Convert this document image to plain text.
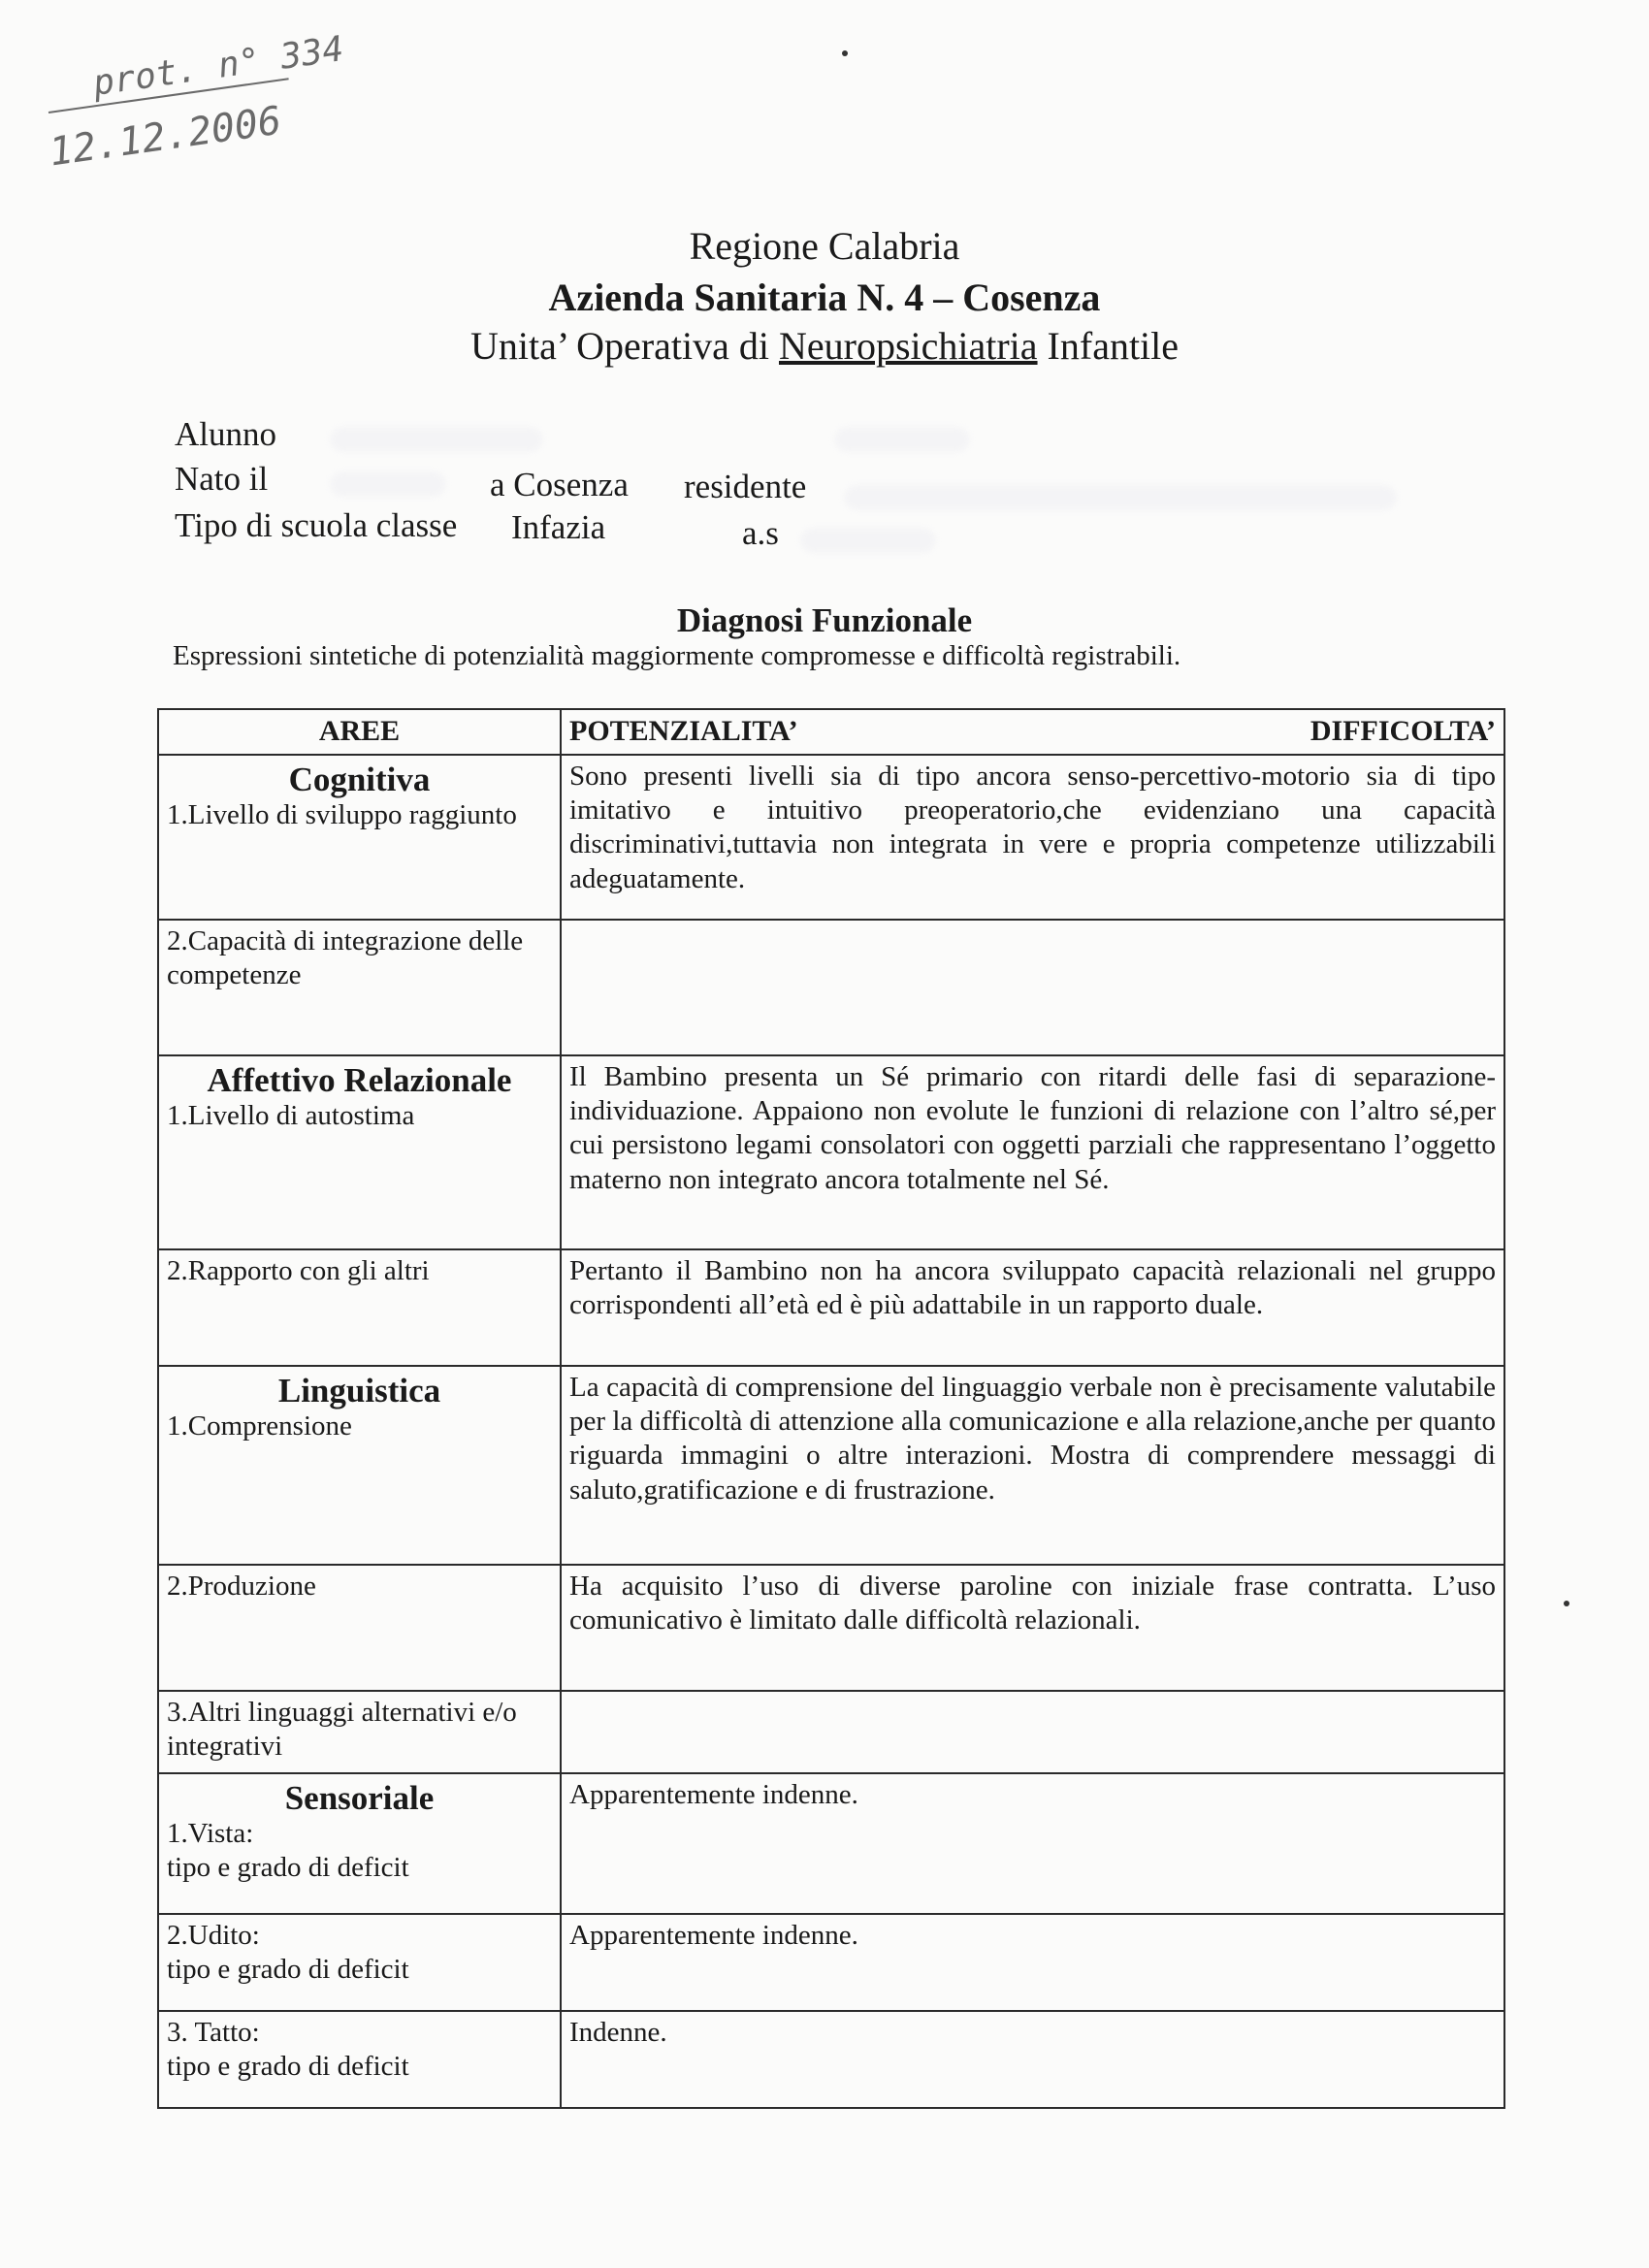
prot. n° 334
12.12.2006
Regione Calabria
Azienda Sanitaria N. 4 – Cosenza
Unita’ Operativa di Neuropsichiatria Infantile
Alunno
Nato il	a Cosenza residente
Tipo di scuola classe Infazia	a.s
Diagnosi Funzionale
Espressioni sintetiche di potenzialità maggiormente compromesse e difficoltà registrabili.
AREE	POTENZIALITA’ DIFFICOLTA’

Cognitiva
1.Livello di sviluppo raggiunto	Sono presenti livelli sia di tipo ancora senso-percettivo-motorio sia di tipo imitativo e intuitivo preoperatorio,che evidenziano una capacità discriminativi,tuttavia non integrata in vere e propria competenze utilizzabili adeguatamente.

2.Capacità di integrazione delle competenze	

Affettivo Relazionale
1.Livello di autostima	Il Bambino presenta un Sé primario con ritardi delle fasi di separazione-individuazione. Appaiono non evolute le funzioni di relazione con l’altro sé,per cui persistono legami consolatori con oggetti parziali che rappresentano l’oggetto materno non integrato ancora totalmente nel Sé.

2.Rapporto con gli altri	Pertanto il Bambino non ha ancora sviluppato capacità relazionali nel gruppo corrispondenti all’età ed è più adattabile in un rapporto duale.

Linguistica
1.Comprensione	La capacità di comprensione del linguaggio verbale non è precisamente valutabile per la difficoltà di attenzione alla comunicazione e alla relazione,anche per quanto riguarda immagini o altre interazioni. Mostra di comprendere messaggi di saluto,gratificazione e di frustrazione.

2.Produzione	Ha acquisito l’uso di diverse paroline con iniziale frase contratta. L’uso comunicativo è limitato dalle difficoltà relazionali.

3.Altri linguaggi alternativi e/o integrativi	

Sensoriale
1.Vista:
tipo e grado di deficit	Apparentemente indenne.

2.Udito:
tipo e grado di deficit	Apparentemente indenne.

3. Tatto:
tipo e grado di deficit	Indenne.
